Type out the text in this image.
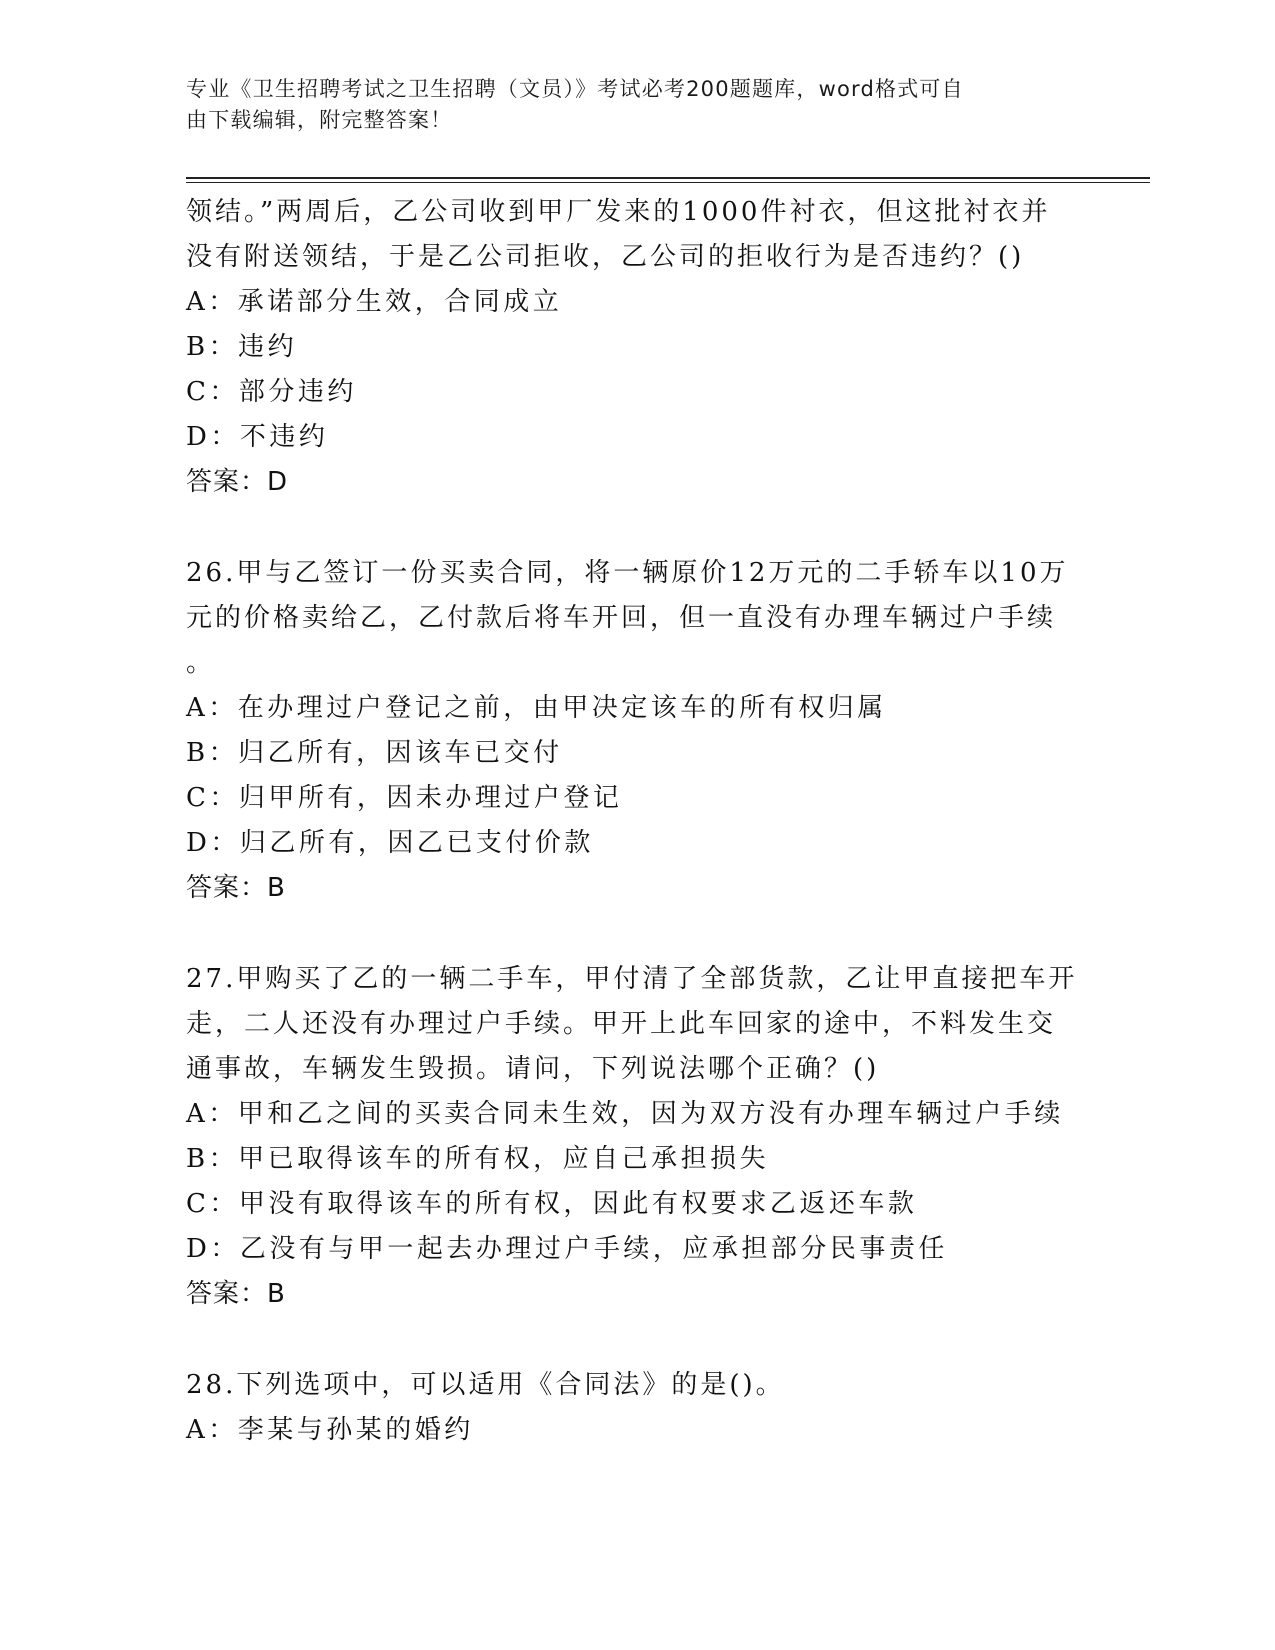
专业《卫生招聘考试之卫生招聘（文员）》考试必考200题题库，word格式可自
由下载编辑，附完整答案！
领结。”两周后，乙公司收到甲厂发来的1000件衬衣，但这批衬衣并
没有附送领结，于是乙公司拒收，乙公司的拒收行为是否违约？()
A：承诺部分生效，合同成立
B：违约
C：部分违约
D：不违约
答案：D
26.甲与乙签订一份买卖合同，将一辆原价12万元的二手轿车以10万
元的价格卖给乙，乙付款后将车开回，但一直没有办理车辆过户手续
。
A：在办理过户登记之前，由甲决定该车的所有权归属
B：归乙所有，因该车已交付
C：归甲所有，因未办理过户登记
D：归乙所有，因乙已支付价款
答案：B
27.甲购买了乙的一辆二手车，甲付清了全部货款，乙让甲直接把车开
走，二人还没有办理过户手续。甲开上此车回家的途中，不料发生交
通事故，车辆发生毁损。请问，下列说法哪个正确？()
A：甲和乙之间的买卖合同未生效，因为双方没有办理车辆过户手续
B：甲已取得该车的所有权，应自己承担损失
C：甲没有取得该车的所有权，因此有权要求乙返还车款
D：乙没有与甲一起去办理过户手续，应承担部分民事责任
答案：B
28.下列选项中，可以适用《合同法》的是()。
A：李某与孙某的婚约
